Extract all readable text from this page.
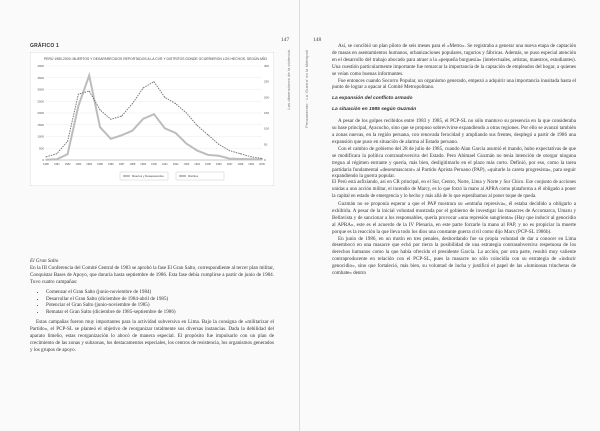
147	148
Las dimensiones de la violencia	Pensamiento · La 'Guerra' en la Metrópoli
GRÁFICO 1
PERÚ 1980-2000: MUERTOS Y DESAPARECIDOS REPORTADOS A LA CVR Y DISTRITOS DONDE OCURRIERON LOS HECHOS, SEGÚN AÑO
0
500
1000
1500
2000
2500
3000
3500
4000
0
50
100
150
200
250
300
1980 1981 1982 1983 1984 1985 1986 1987 1988 1989 1990 1991 1992 1993 1994 1995 1996 1997 1998 1999 2000
Muertos y Desaparecidos	Distritos

El Gran Salto

En la III Conferencia del Comité Central de 1983 se aprobó la fase El Gran Salto, correspondiente al tercer plan militar, Conquistar Bases de Apoyo, que duraría hasta septiembre de 1986. Esta fase debía cumplirse a partir de junio de 1984. Tuvo cuatro campañas:

• Comenzar el Gran Salto (junio-noviembre de 1984)
• Desarrollar el Gran Salto (diciembre de 1984-abril de 1985)
• Potenciar el Gran Salto (junio-noviembre de 1985)
• Rematar el Gran Salto (diciembre de 1985-septiembre de 1986)

Estas campañas fueron muy importantes para la actividad subversiva en Lima. Bajo la consigna de «militarizar el Partido», el PCP-SL se planteó el objetivo de reorganizar totalmente sus diversas instancias. Dada la debilidad del aparato limeño, estas reorganización lo abocó de manera especial. El propósito fue impulsarlo con un plan de crecimiento de las zonas y subzonas, los destacamentos especiales, los centros de resistencia, los organismos generados y los grupos de apoyo.

Así, se concibió un plan piloto de seis meses para el «Metro». Se registraba a generar una nueva etapa de captación de masas en asentamientos humanos, urbanizaciones populares, tugurios y fábricas. Además, se puso especial atención en el desarrollo del trabajo abocado para atraer a la «pequeña burguesía» (intelectuales, artistas, maestros, estudiantes). Una cuestión particularmente importante fue remarcar la importancia de la captación de empleados del hogar, a quienes se veían como buenas informantes.

Fue entonces cuando Socorro Popular, un organismo generado, empezó a adquirir una importancia inusitada hasta el punto de lograr a opacar al Comité Metropolitano.

La expansión del conflicto armado
La situación en 1985 según Guzmán

A pesar de los golpes recibidos entre 1983 y 1985, el PCP-SL no sólo mantuvo su presencia en la que consideraba su base principal, Ayacucho, sino que se propuso sobrevivirse expandiendo a otras regiones. Por ello se avanzó también a zonas nuevas, en la región peruana, con renovada ferocidad y ampliando sus frentes, desplegó a partir de 1986 una expansión que puso en situación de alarma al Estado peruano.

Con el cambio de gobierno del 28 de julio de 1985, cuando Alan García asumió el mando, hubo expectativas de que se modificara la política contrasubversiva del Estado. Pero Abimael Guzmán no tenía intención de otorgar ninguna tregua al régimen entrante y quería, más bien, desligitimarlo en el plazo más corto. Definió, por eso, como la tarea partidaria fundamental «desenmascarar» al Partido Aprista Peruano (PAP), «quitarle la careta progresista», para seguir expandiendo la guerra popular.

El Perú está asfixiando, así en CR principal, en el Sur, Centro, Norte, Lima y Norte y Sur Chico. Ese conjunto de acciones unidas a uno acción militar, el incendio de Marcy, es lo que forzó la mano al APRA como plataforma a él obligado a poner la capital en estado de emergencia y lo hecho y más allá de lo que esperábamos al poner toque de queda.

Guzmán no se proponía esperar a que el PAP mostrara su «entraña represiva», él estaba decidido a obligarlo a exhibirla. A pesar de la inicial voluntad mostrada por el gobierno de investigar las masacres de Accomarca, Umaru y Bellavista y de sancionar a los responsables, quería provocar «una represión sangrienta» (Hay que inducir al genocidio al APRA», este es el acuerdo de la IV Plenaria, en este parte forzarle la mano al PAP, y no es propiciar la muerte porque es la reacción la que lleva todo los dios una constante guerra civil como dijo Marx (PCP-SL 1986b).

En junio de 1986, en un motín en tres penales, desbordando fue su propia voluntad de dar a conocer en Lima desembocó en una masacre que echó por tierra la posibilidad de una estrategia contrasubversiva respetuosa de los derechos humanos como la que había ofrecido el presidente García. La acción, por otra parte, resultó muy valiente contraproducente en relación con el PCP-SL, pues la masacre no sólo coincidía con su estrategia de «inducir genocidio», sino que fortaleció, más bien, su voluntad de lucha y justificó el papel de las «luminosas trincheras de combate» dentro
